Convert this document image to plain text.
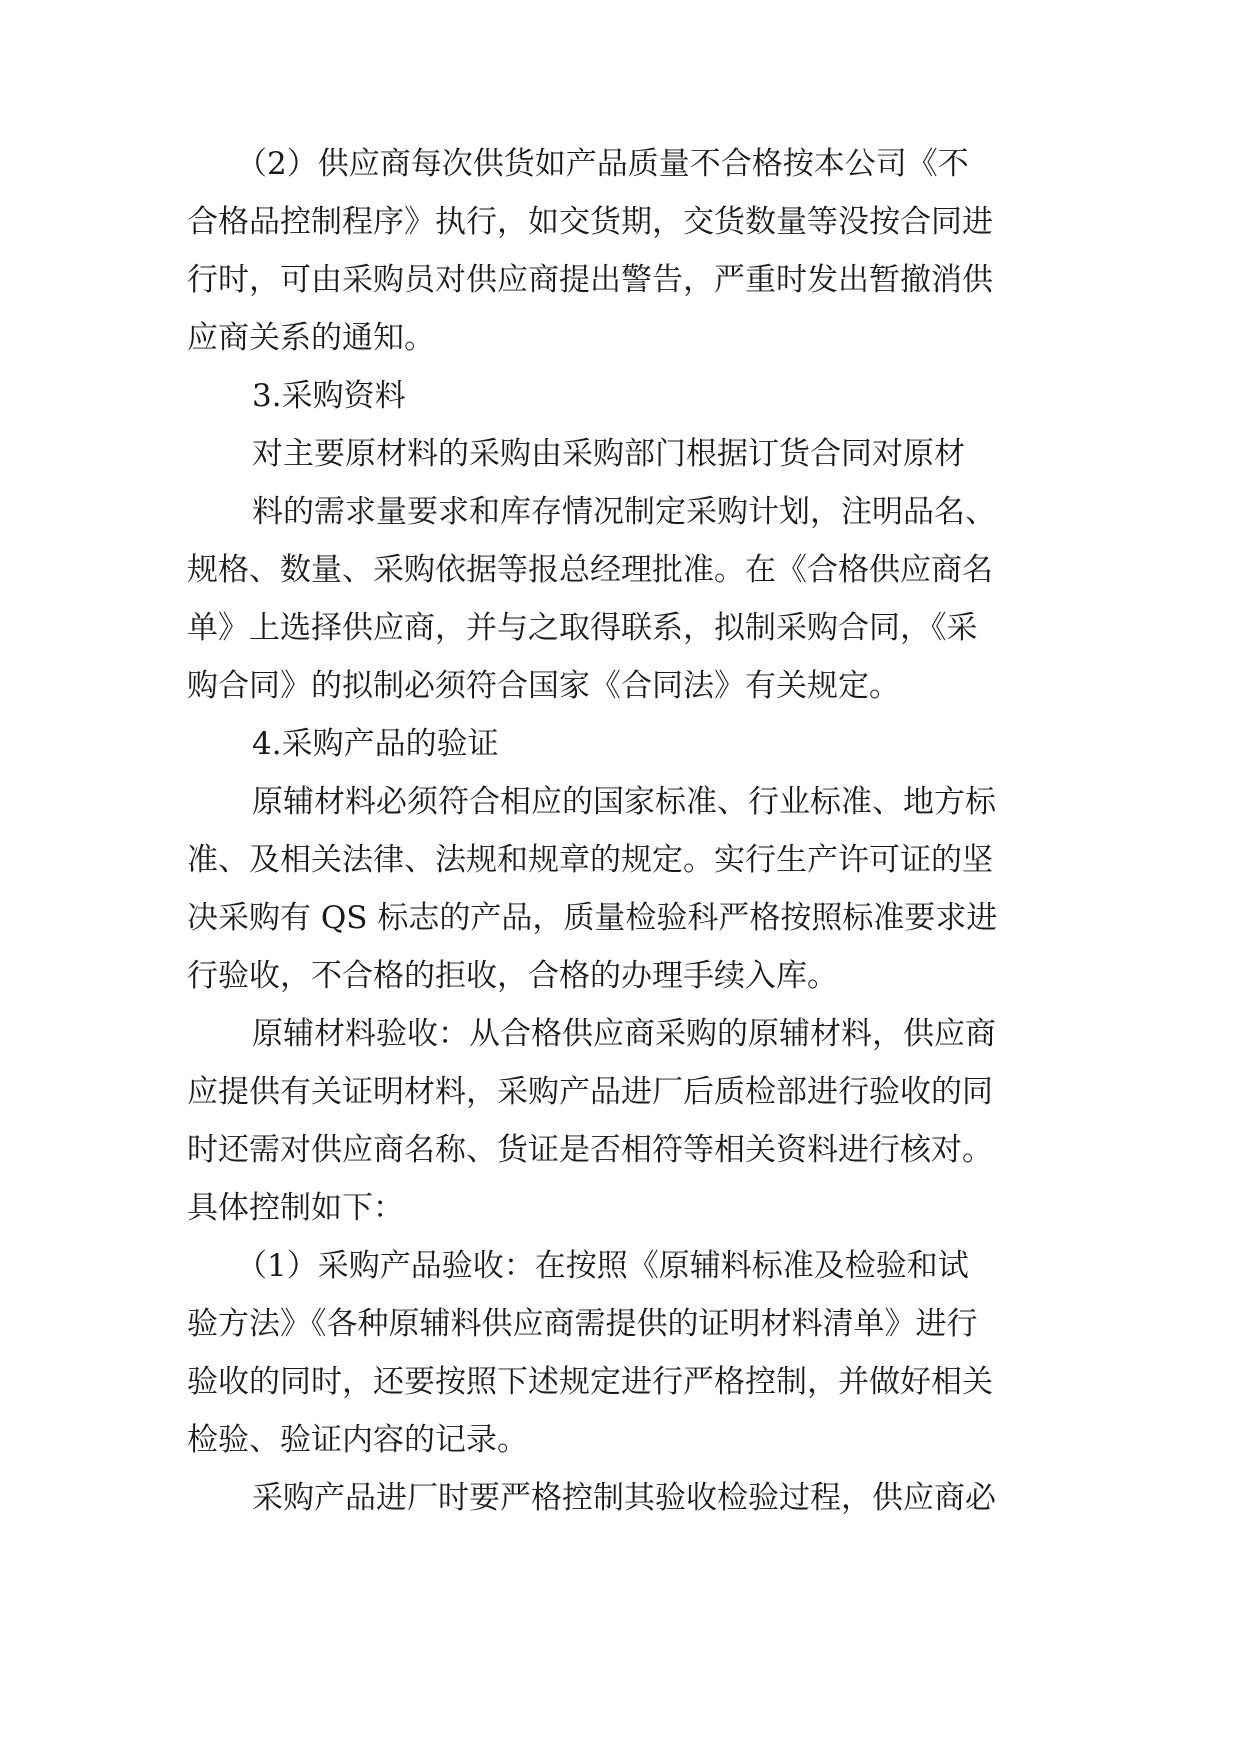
（2）供应商每次供货如产品质量不合格按本公司《不
合格品控制程序》执行，如交货期，交货数量等没按合同进
行时，可由采购员对供应商提出警告，严重时发出暂撤消供
应商关系的通知。
3.采购资料
对主要原材料的采购由采购部门根据订货合同对原材
料的需求量要求和库存情况制定采购计划，注明品名、
规格、数量、采购依据等报总经理批准。在《合格供应商名
单》上选择供应商，并与之取得联系，拟制采购合同，《采
购合同》的拟制必须符合国家《合同法》有关规定。
4.采购产品的验证
原辅材料必须符合相应的国家标准、行业标准、地方标
准、及相关法律、法规和规章的规定。实行生产许可证的坚
决采购有 QS 标志的产品，质量检验科严格按照标准要求进
行验收，不合格的拒收，合格的办理手续入库。
原辅材料验收：从合格供应商采购的原辅材料，供应商
应提供有关证明材料，采购产品进厂后质检部进行验收的同
时还需对供应商名称、货证是否相符等相关资料进行核对。
具体控制如下：
（1）采购产品验收：在按照《原辅料标准及检验和试
验方法》《各种原辅料供应商需提供的证明材料清单》进行
验收的同时，还要按照下述规定进行严格控制，并做好相关
检验、验证内容的记录。
采购产品进厂时要严格控制其验收检验过程，供应商必
